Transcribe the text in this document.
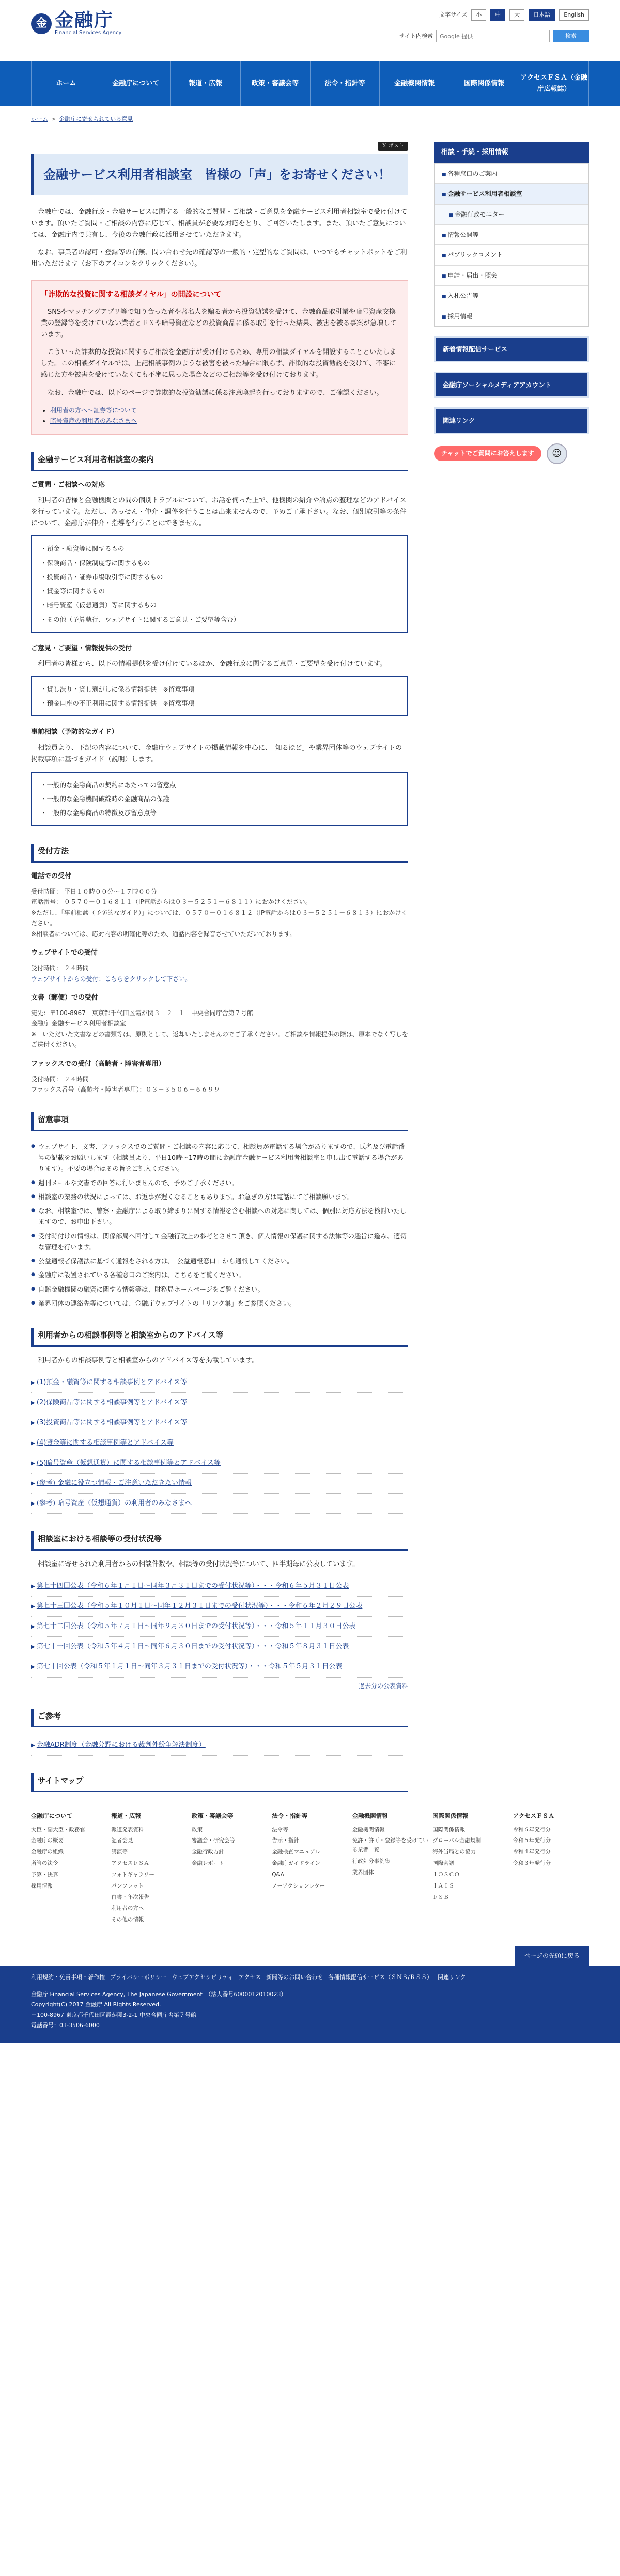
金 金融庁
Financial Services Agency
文字サイズ	小	中	大	日本語	English
サイト内検索
Google 提供	検索
ホーム	金融庁について	報道・広報	政策・審議会等	法令・指針等	金融機関情報	国際関係情報
アクセスＦＳＡ（金融庁広報誌）
ホーム > 金融庁に寄せられている意見
Ｘ ポスト
金融サービス利用者相談室　皆様の「声」をお寄せください！

金融庁では、金融行政・金融サービスに関する一般的なご質問・ご相談・ご意見を金融サービス利用者相談室で受け付けています。頂いたご質問・ご相談の内容に応じて、相談員が必要な対応をとり、ご回答いたします。また、頂いたご意見については、金融庁内で共有し、今後の金融行政に活用させていただきます。

なお、事業者の認可・登録等の有無、問い合わせ先の確認等の一般的・定型的なご質問は、いつでもチャットボットをご利用いただけます（お下のアイコンをクリックください）。

「詐欺的な投資に関する相談ダイヤル」の開設について

SNSやマッチングアプリ等で知り合った者や著名人を騙る者から投資勧誘を受けて、金融商品取引業や暗号資産交換業の登録等を受けていない業者とＦＸや暗号資産などの投資商品に係る取引を行った結果、被害を被る事案が急増しています。

こういった詐欺的な投資に関するご相談を金融庁が受け付けるため、専用の相談ダイヤルを開設することといたしました。この相談ダイヤルでは、上記相談事例のような被害を被った場合に限らず、詐欺的な投資勧誘を受けて、不審に感じた方や被害を受けていなくても不審に思った場合などのご相談等を受け付けております。

なお、金融庁では、以下のページで詐欺的な投資勧誘に係る注意喚起を行っておりますので、ご確認ください。

• 利用者の方へ～証券等について
• 暗号資産の利用者のみなさまへ
金融サービス利用者相談室の案内
ご質問・ご相談への対応

利用者の皆様と金融機関との間の個別トラブルについて、お話を伺った上で、他機関の紹介や論点の整理などのアドバイスを行っています。ただし、あっせん・仲介・調停を行うことは出来ませんので、予めご了承下さい。なお、個別取引等の条件について、金融庁が仲介・指導を行うことはできません。

・ 預金・融資等に関するもの
・ 保険商品・保険制度等に関するもの
・ 投資商品・証券市場取引等に関するもの
・ 貸金等に関するもの
・ 暗号資産（仮想通貨）等に関するもの
・ その他（予算執行、ウェブサイトに関するご意見・ご要望等含む）
ご意見・ご要望・情報提供の受付

利用者の皆様から、以下の情報提供を受け付けているほか、金融行政に関するご意見・ご要望を受け付けています。

・ 貸し渋り・貸し剥がしに係る情報提供　※留意事項
・ 預金口座の不正利用に関する情報提供　※留意事項
事前相談（予防的なガイド）

相談員より、下記の内容について、金融庁ウェブサイトの掲載情報を中心に、「知るほど」や業界団体等のウェブサイトの掲載事項に基づきガイド（説明）します。

・ 一般的な金融商品の契約にあたっての留意点
・ 一般的な金融機関破綻時の金融商品の保護
・ 一般的な金融商品の特徴及び留意点等
受付方法
電話での受付

受付時間： 平日１０時００分～１７時００分

電話番号： ０５７０－０１６８１１（IP電話からは０３－５２５１－６８１１）におかけください。

※ただし、「事前相談（予防的なガイド）」については、０５７０－０１６８１２（IP電話からは０３－５２５１－６８１３）におかけください。

※相談者については、応対内容の明確化等のため、通話内容を録音させていただいております。

ウェブサイトでの受付

受付時間： ２４時間

ウェブサイトからの受付：こちらをクリックして下さい。

文書（郵便）での受付

宛先：〒100-8967　東京都千代田区霞が関３－２－１　中央合同庁舎第７号館

金融庁 金融サービス利用者相談室

※　いただいた文書などの書類等は、原則として、返却いたしませんのでご了承ください。ご相談や情報提供の際は、原本でなく写しをご送付ください。

ファックスでの受付（高齢者・障害者専用）

受付時間： ２４時間

ファックス番号（高齢者・障害者専用）：０３－３５０６－６６９９

留意事項
● ウェブサイト、文書、ファックスでのご質問・ご相談の内容に応じて、相談員が電話する場合がありますので、氏名及び電話番号の記載をお願いします（相談員より、平日10時～17時の間に金融庁金融サービス利用者相談室と申し出て電話する場合があります）。不要の場合はその旨をご記入ください。
● 週刊メールや文書での回答は行いませんので、予めご了承ください。
● 相談室の業務の状況によっては、お返事が遅くなることもあります。お急ぎの方は電話にてご相談願います。
● なお、相談室では、警察・金融庁による取り締まりに関する情報を含む相談への対応に関しては、個別に対応方法を検討いたしますので、お申出下さい。
● 受付時付けの情報は、関係部局へ回付して金融行政上の参考とさせて頂き、個人情報の保護に関する法律等の趣旨に鑑み、適切な管理を行います。
● 公益通報者保護法に基づく通報をされる方は、「公益通報窓口」から通報してください。
● 金融庁に設置されている各種窓口のご案内は、こちらをご覧ください。
● 自賠金融機関の融資に関する情報等は、財務局ホームページをご覧ください。
● 業界団体の連絡先等については、金融庁ウェブサイトの「リンク集」をご参照ください。
利用者からの相談事例等と相談室からのアドバイス等

利用者からの相談事例等と相談室からのアドバイス等を掲載しています。

▶ (1)預金・融資等に関する相談事例とアドバイス等
▶ (2)保険商品等に関する相談事例等とアドバイス等
▶ (3)投資商品等に関する相談事例等とアドバイス等
▶ (4)貸金等に関する相談事例等とアドバイス等
▶ (5)暗号資産（仮想通貨）に関する相談事例等とアドバイス等
▶ (参考) 金融に役立つ情報・ご注意いただきたい情報
▶ (参考) 暗号資産（仮想通貨）の利用者のみなさまへ
相談室における相談等の受付状況等

相談室に寄せられた利用者からの相談件数や、相談等の受付状況等について、四半期毎に公表しています。

▶ 第七十四回公表（令和６年１月１日～同年３月３１日までの受付状況等）・・・令和６年５月３１日公表
▶ 第七十三回公表（令和５年１０月１日～同年１２月３１日までの受付状況等）・・・令和６年２月２９日公表
▶ 第七十二回公表（令和５年７月１日～同年９月３０日までの受付状況等）・・・令和５年１１月３０日公表
▶ 第七十一回公表（令和５年４月１日～同年６月３０日までの受付状況等）・・・令和５年８月３１日公表
▶ 第七十回公表（令和５年１月１日～同年３月３１日までの受付状況等）・・・令和５年５月３１日公表
過去分の公表資料
ご参考
▶ 金融ADR制度（金融分野における裁判外紛争解決制度）
サイトマップ
相談・手続・採用情報
■ 各種窓口のご案内
■ 金融サービス利用者相談室
■ 金融行政モニター
■ 情報公開等
■ パブリックコメント
■ 申請・届出・照会
■ 入札公告等
■ 採用情報
新着情報配信サービス
金融庁ソーシャルメディアアカウント
関連リンク
チャットでご質問にお答えします	☺
金融庁について
大臣・副大臣・政務官
金融庁の概要
金融庁の組織
所管の法令
予算・決算
採用情報
報道・広報
報道発表資料
記者会見
講演等
アクセスＦＳＡ
フォトギャラリー
パンフレット
白書・年次報告
利用者の方へ
その他の情報
政策・審議会等
政策
審議会・研究会等
金融行政方針
金融レポート
法令・指針等
法令等
告示・指針
金融検査マニュアル
金融庁ガイドライン
Q&A
ノーアクションレター
金融機関情報
金融機関情報
免許・許可・登録等を受けている業者一覧
行政処分事例集
業界団体
国際関係情報
国際関係情報
グローバル金融規制
海外当局との協力
国際会議
ＩＯＳＣＯ
ＩＡＩＳ
ＦＳＢ
アクセスＦＳＡ
令和６年発行分
令和５年発行分
令和４年発行分
令和３年発行分
ページの先頭に戻る
利用規約・免責事項・著作権 プライバシーポリシー ウェブアクセシビリティ アクセス 新聞等のお問い合わせ 各種情報配信サービス（ＳＮＳ/ＲＳＳ） 関連リンク

金融庁 Financial Services Agency, The Japanese Government　（法人番号6000012010023）

Copyright(C) 2017 金融庁 All Rights Reserved.

〒100-8967 東京都千代田区霞が関3-2-1 中央合同庁舎第７号館

電話番号：03-3506-6000
